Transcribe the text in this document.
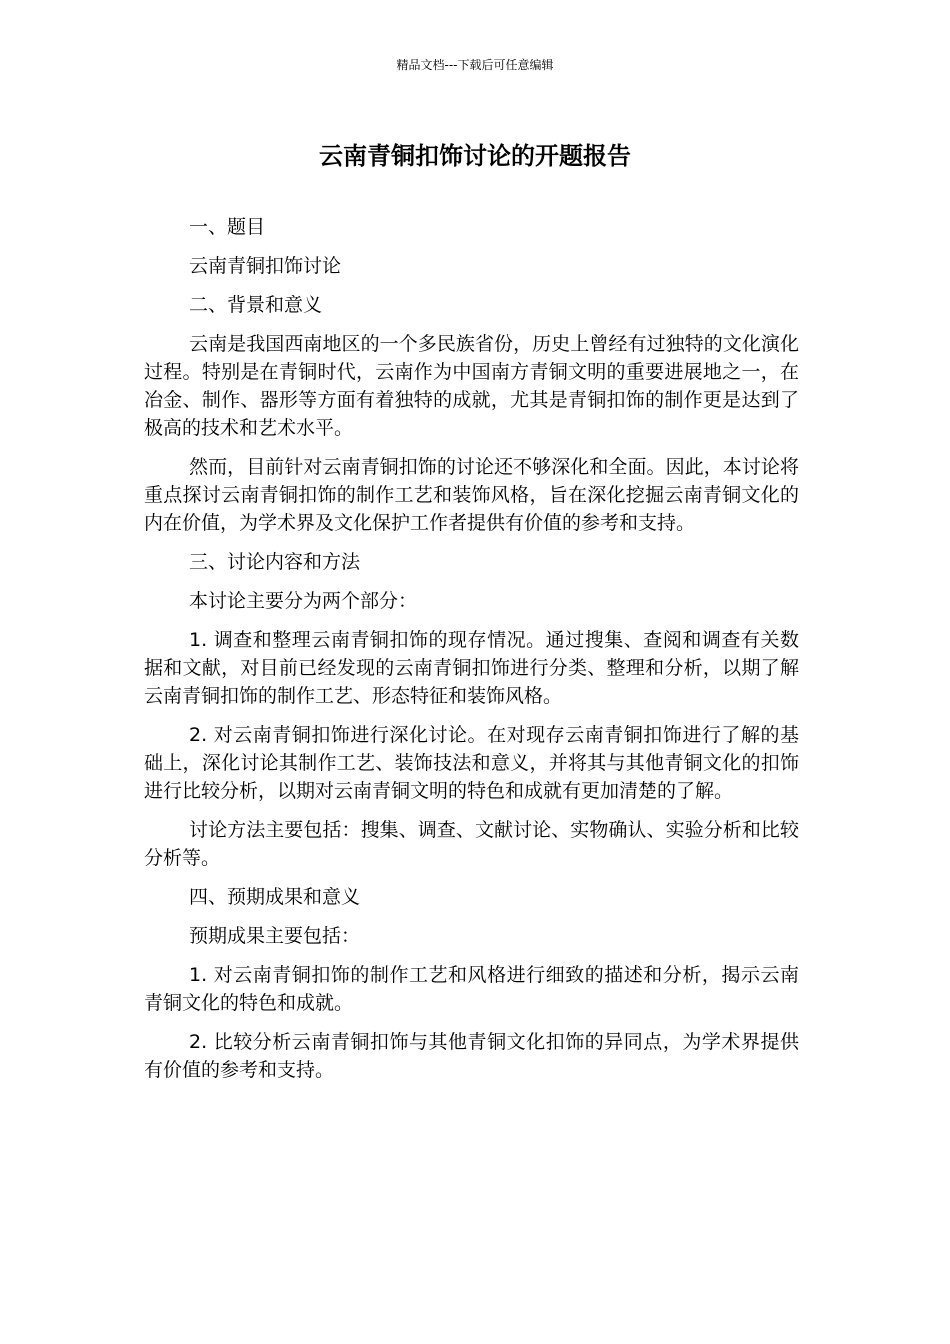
精品文档---下载后可任意编辑
云南青铜扣饰讨论的开题报告

一、题目

云南青铜扣饰讨论

二、背景和意义

云南是我国西南地区的一个多民族省份，历史上曾经有过独特的文化演化过程。特别是在青铜时代，云南作为中国南方青铜文明的重要进展地之一，在冶金、制作、器形等方面有着独特的成就，尤其是青铜扣饰的制作更是达到了极高的技术和艺术水平。

然而，目前针对云南青铜扣饰的讨论还不够深化和全面。因此，本讨论将重点探讨云南青铜扣饰的制作工艺和装饰风格，旨在深化挖掘云南青铜文化的内在价值，为学术界及文化保护工作者提供有价值的参考和支持。

三、讨论内容和方法

本讨论主要分为两个部分：

1. 调查和整理云南青铜扣饰的现存情况。通过搜集、查阅和调查有关数据和文献，对目前已经发现的云南青铜扣饰进行分类、整理和分析，以期了解云南青铜扣饰的制作工艺、形态特征和装饰风格。

2. 对云南青铜扣饰进行深化讨论。在对现存云南青铜扣饰进行了解的基础上，深化讨论其制作工艺、装饰技法和意义，并将其与其他青铜文化的扣饰进行比较分析，以期对云南青铜文明的特色和成就有更加清楚的了解。

讨论方法主要包括：搜集、调查、文献讨论、实物确认、实验分析和比较分析等。

四、预期成果和意义

预期成果主要包括：

1. 对云南青铜扣饰的制作工艺和风格进行细致的描述和分析，揭示云南青铜文化的特色和成就。

2. 比较分析云南青铜扣饰与其他青铜文化扣饰的异同点，为学术界提供有价值的参考和支持。
